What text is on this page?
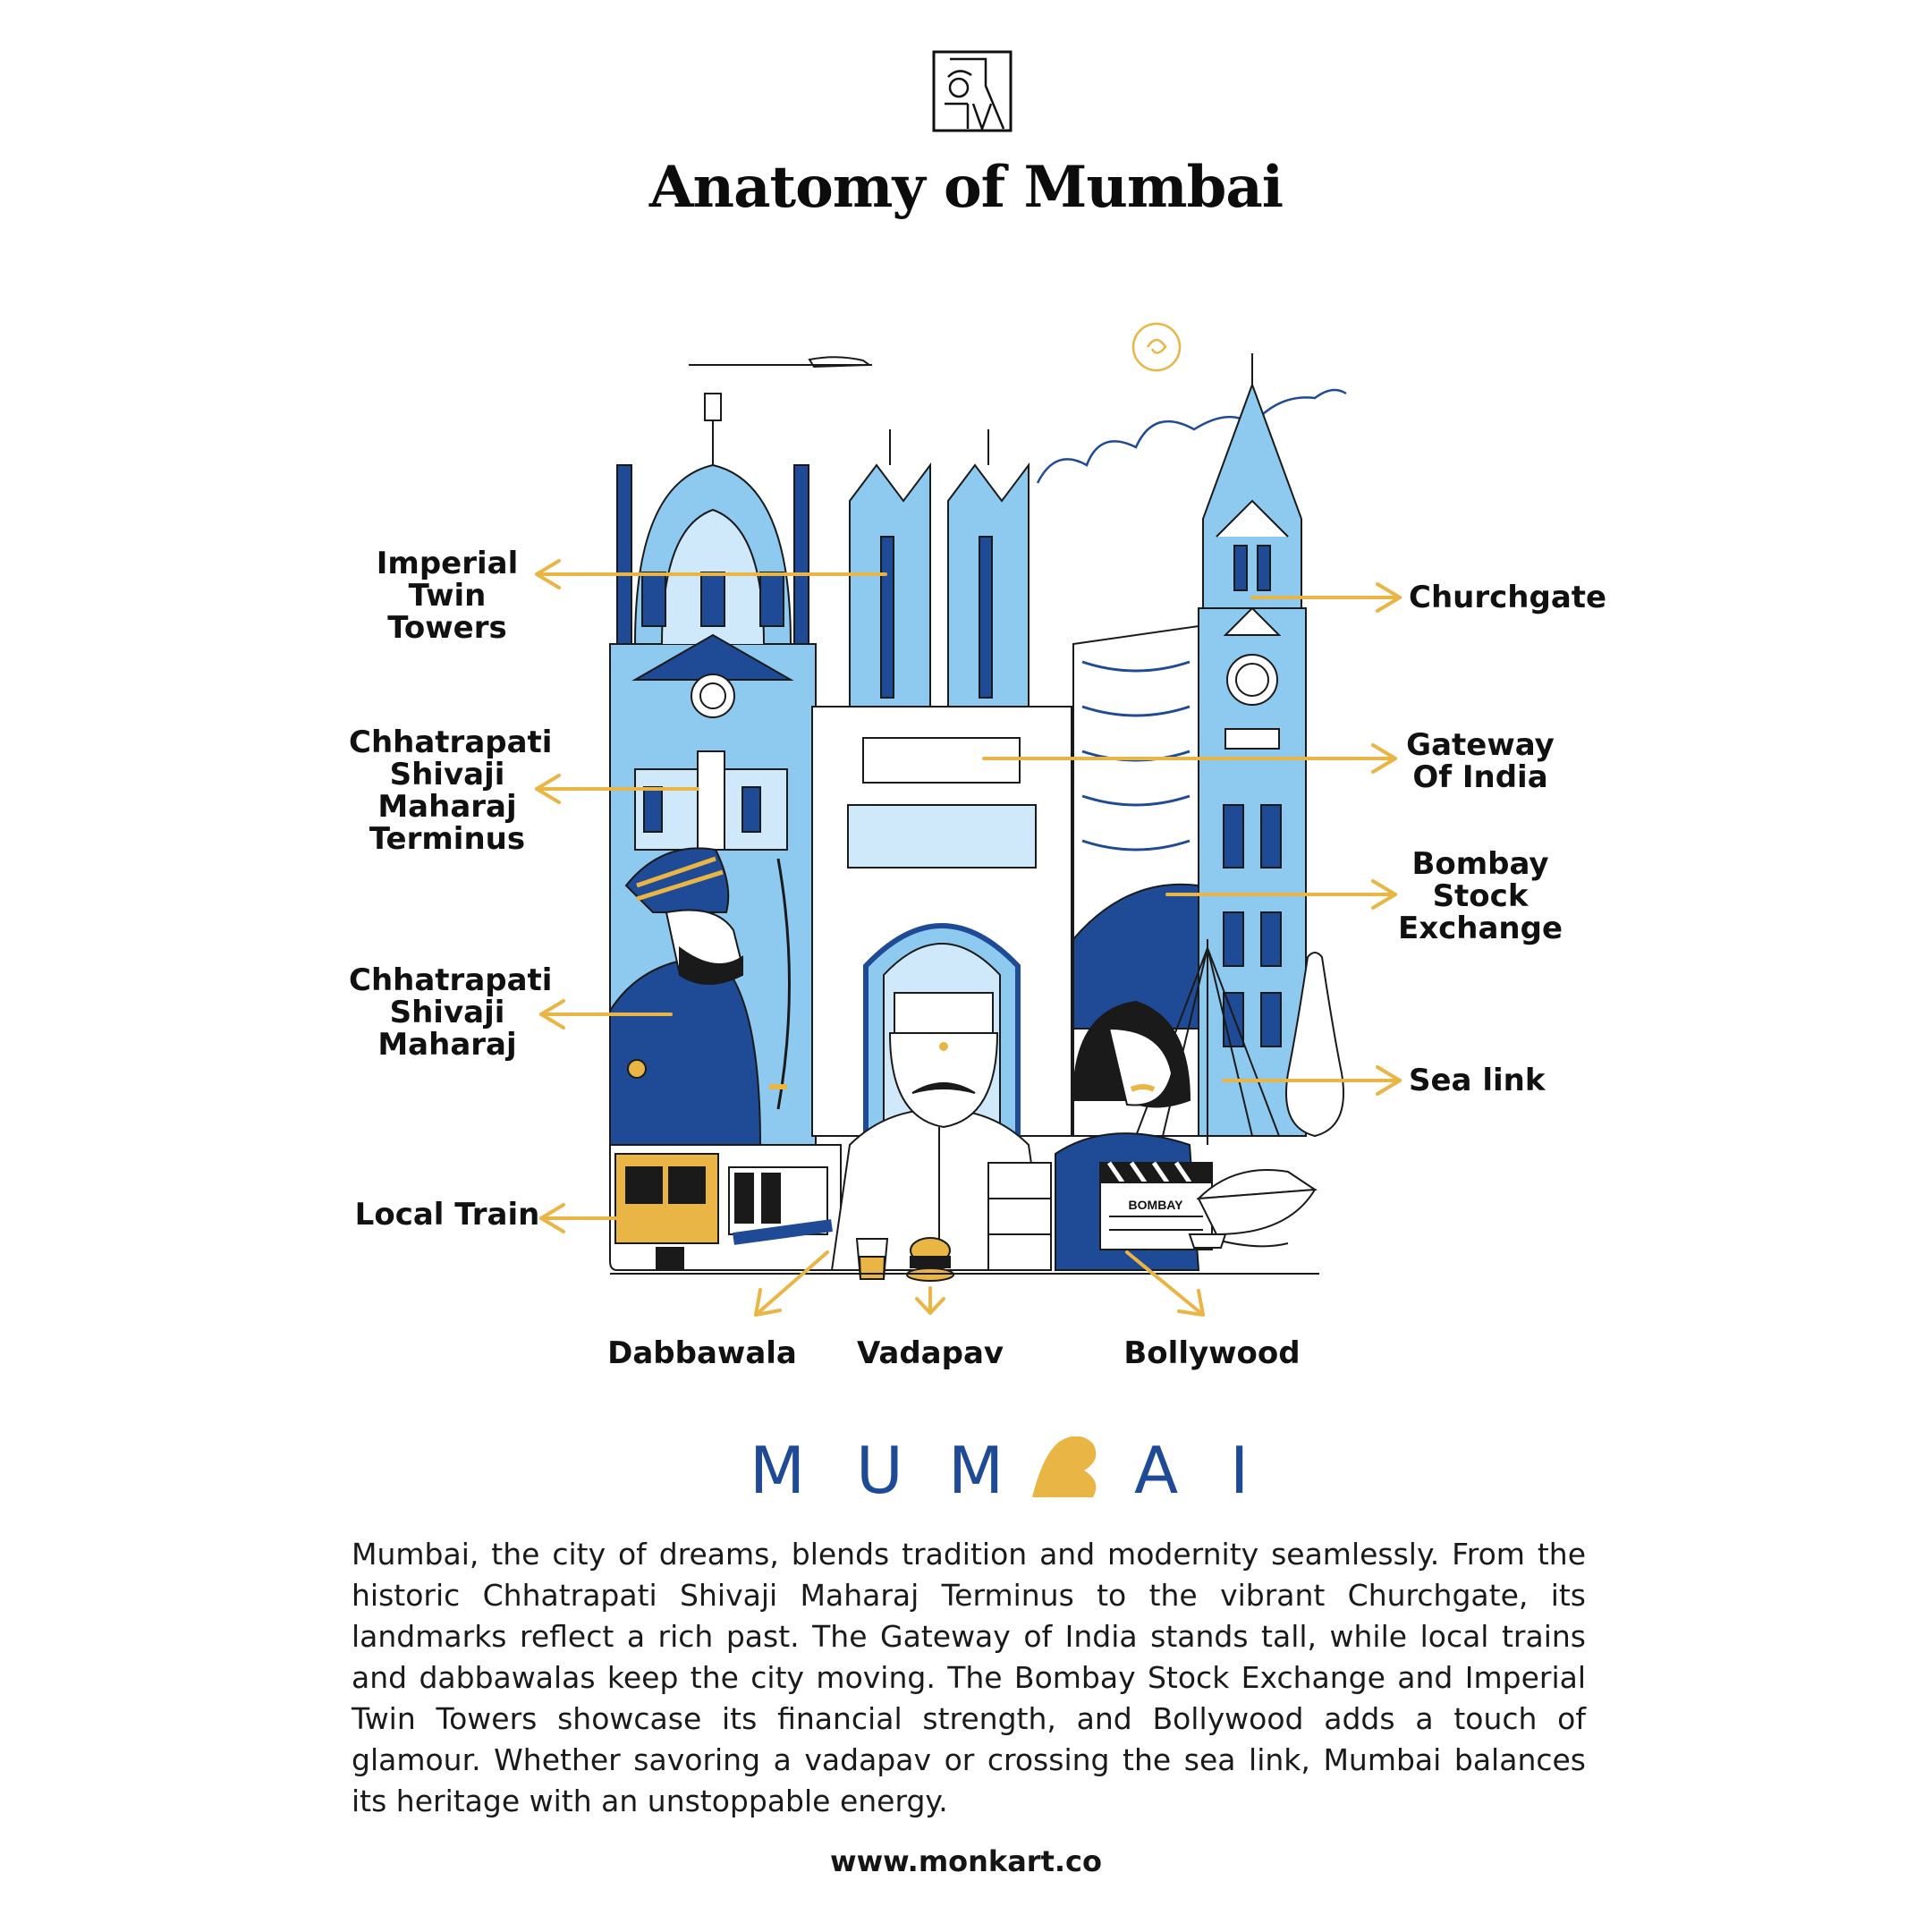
Anatomy of Mumbai
BOMBAY
Imperial
Twin Towers
Chhatrapati
Shivaji
Maharaj
Terminus
Chhatrapati
Shivaji
Maharaj
Local Train
Churchgate
Gateway
Of India
Bombay
Stock
Exchange
Sea link
Dabbawala	Vadapav	Bollywood
M U M A I
Mumbai, the city of dreams, blends tradition and modernity seamlessly. From the historic Chhatrapati Shivaji Maharaj Terminus to the vibrant Churchgate, its landmarks reflect a rich past. The Gateway of India stands tall, while local trains and dabbawalas keep the city moving. The Bombay Stock Exchange and Imperial Twin Towers showcase its financial strength, and Bollywood adds a touch of glamour. Whether savoring a vadapav or crossing the sea link, Mumbai balances its heritage with an unstoppable energy.
www.monkart.co
